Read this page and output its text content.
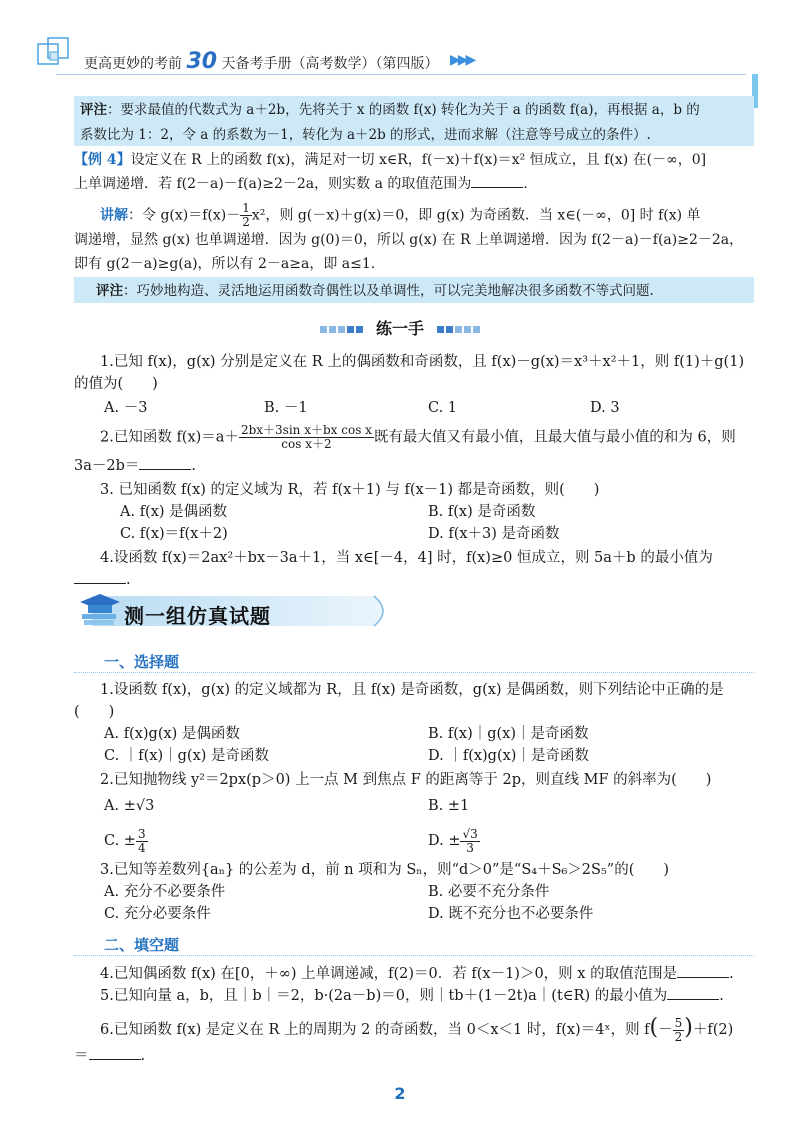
更高更妙的考前 30 天备考手册（高考数学）（第四版） ▶▶▶
评注：要求最值的代数式为 a＋2b，先将关于 x 的函数 f(x) 转化为关于 a 的函数 f(a)，再根据 a，b 的
系数比为 1：2，令 a 的系数为－1，转化为 a＋2b 的形式，进而求解（注意等号成立的条件）.
【例 4】设定义在 R 上的函数 f(x)，满足对一切 x∈R，f(－x)＋f(x)＝x² 恒成立，且 f(x) 在(－∞，0]
上单调递增．若 f(2－a)－f(a)≥2－2a，则实数 a 的取值范围为	.
讲解：令 $g(x)=f(x)- \frac{1}{2} x^2$，则 g(－x)＋g(x)＝0，即 g(x) 为奇函数．当 x∈(－∞，0] 时 f(x) 单
调递增，显然 g(x) 也单调递增．因为 g(0)＝0，所以 g(x) 在 R 上单调递增．因为 f(2－a)－f(a)≥2－2a，
即有 g(2－a)≥g(a)，所以有 2－a≥a，即 a≤1.
评注：巧妙地构造、灵活地运用函数奇偶性以及单调性，可以完美地解决很多函数不等式问题.
练一手
1.已知 f(x)，g(x) 分别是定义在 R 上的偶函数和奇函数，且 f(x)－g(x)＝x³＋x²＋1，则 f(1)＋g(1)
的值为(　　)
A. －3	B. －1	C. 1	D. 3
2.已知函数 $f(x)=a+ \frac{\text{2bx＋3sin x＋bx cos x}}{\text{cos x＋2}}$ 既有最大值又有最小值，且最大值与最小值的和为 6，则
3a－2b＝	.
3. 已知函数 f(x) 的定义域为 R，若 f(x＋1) 与 f(x－1) 都是奇函数，则(　　)
A. f(x) 是偶函数	B. f(x) 是奇函数
C. f(x)＝f(x＋2)	D. f(x＋3) 是奇函数
4.设函数 f(x)＝2ax²＋bx－3a＋1，当 x∈[－4，4] 时，f(x)≥0 恒成立，则 5a＋b 的最小值为
.
测一组仿真试题
一、选择题
1.设函数 f(x)，g(x) 的定义域都为 R，且 f(x) 是奇函数，g(x) 是偶函数，则下列结论中正确的是
(　　)
A. f(x)g(x) 是偶函数	B. f(x)｜g(x)｜是奇函数
C. ｜f(x)｜g(x) 是奇函数	D. ｜f(x)g(x)｜是奇函数
2.已知抛物线 y²＝2px(p＞0) 上一点 M 到焦点 F 的距离等于 2p，则直线 MF 的斜率为(　　)
A. ±√3	B. ±1
C. ± $\frac{3}{4}$	D. ± $\frac{√3}{3}$
3.已知等差数列{aₙ} 的公差为 d，前 n 项和为 Sₙ，则“d＞0”是“S₄＋S₆＞2S₅”的(　　)
A. 充分不必要条件	B. 必要不充分条件
C. 充分必要条件	D. 既不充分也不必要条件
二、填空题
4.已知偶函数 f(x) 在[0，＋∞) 上单调递减，f(2)＝0．若 f(x－1)＞0，则 x 的取值范围是	.
5.已知向量 a，b，且｜b｜＝2，b·(2a－b)＝0，则｜tb＋(1－2t)a｜(t∈R) 的最小值为	.
6.已知函数 f(x) 是定义在 R 上的周期为 2 的奇函数，当 0＜x＜1 时，f(x)＝4ˣ，则 $f(- \frac{5}{2} )+f(2)$
＝	.
2
